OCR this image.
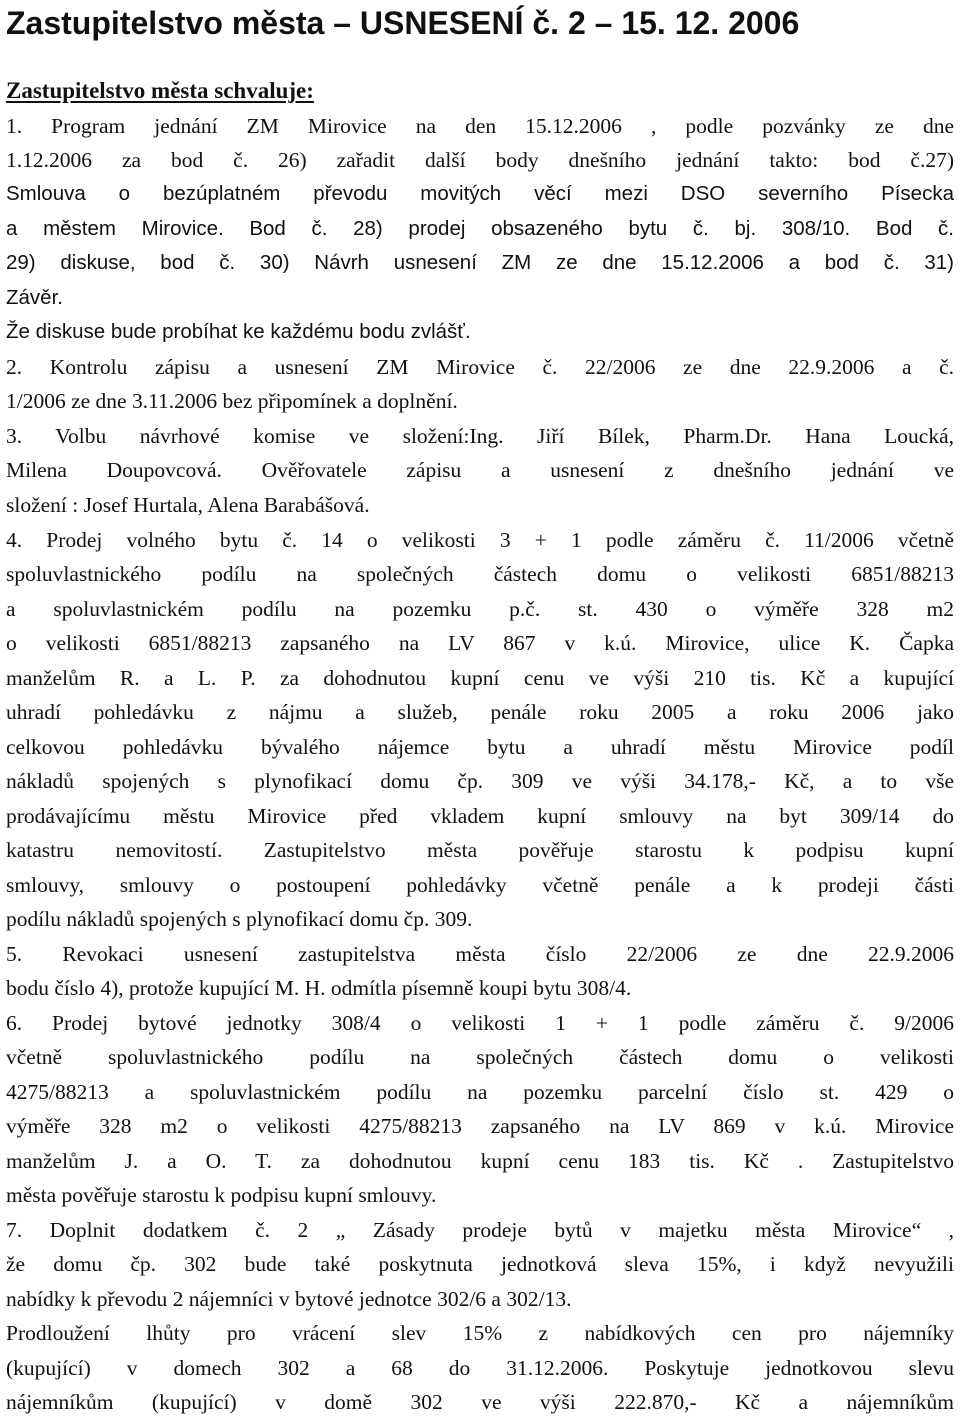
Zastupitelstvo města – USNESENÍ č. 2 – 15. 12. 2006
Zastupitelstvo města schvaluje:
1. Program jednání ZM Mirovice na den 15.12.2006 , podle pozvánky ze dne
1.12.2006 za bod č. 26) zařadit další body dnešního jednání takto: bod č.27)
Smlouva o bezúplatném převodu movitých věcí mezi DSO severního Písecka
a městem Mirovice. Bod č. 28) prodej obsazeného bytu č. bj. 308/10. Bod č.
29) diskuse, bod č. 30) Návrh usnesení ZM ze dne 15.12.2006 a bod č. 31)
Závěr.
Že diskuse bude probíhat ke každému bodu zvlášť.
2. Kontrolu zápisu a usnesení ZM Mirovice č. 22/2006 ze dne 22.9.2006 a č.
1/2006 ze dne 3.11.2006 bez připomínek a doplnění.
3. Volbu návrhové komise ve složení:Ing. Jiří Bílek, Pharm.Dr. Hana Loucká,
Milena Doupovcová. Ověřovatele zápisu a usnesení z dnešního jednání ve
složení : Josef Hurtala, Alena Barabášová.
4. Prodej volného bytu č. 14 o velikosti 3 + 1 podle záměru č. 11/2006 včetně
spoluvlastnického podílu na společných částech domu o velikosti 6851/88213
a spoluvlastnickém podílu na pozemku p.č. st. 430 o výměře 328 m2
o velikosti 6851/88213 zapsaného na LV 867 v k.ú. Mirovice, ulice K. Čapka
manželům R. a L. P. za dohodnutou kupní cenu ve výši 210 tis. Kč a kupující
uhradí pohledávku z nájmu a služeb, penále roku 2005 a roku 2006 jako
celkovou pohledávku bývalého nájemce bytu a uhradí městu Mirovice podíl
nákladů spojených s plynofikací domu čp. 309 ve výši 34.178,- Kč, a to vše
prodávajícímu městu Mirovice před vkladem kupní smlouvy na byt 309/14 do
katastru nemovitostí. Zastupitelstvo města pověřuje starostu k podpisu kupní
smlouvy, smlouvy o postoupení pohledávky včetně penále a k prodeji části
podílu nákladů spojených s plynofikací domu čp. 309.
5. Revokaci usnesení zastupitelstva města číslo 22/2006 ze dne 22.9.2006
bodu číslo 4), protože kupující M. H. odmítla písemně koupi bytu 308/4.
6. Prodej bytové jednotky 308/4 o velikosti 1 + 1 podle záměru č. 9/2006
včetně spoluvlastnického podílu na společných částech domu o velikosti
4275/88213 a spoluvlastnickém podílu na pozemku parcelní číslo st. 429 o
výměře 328 m2 o velikosti 4275/88213 zapsaného na LV 869 v k.ú. Mirovice
manželům J. a O. T. za dohodnutou kupní cenu 183 tis. Kč . Zastupitelstvo
města pověřuje starostu k podpisu kupní smlouvy.
7. Doplnit dodatkem č. 2 „ Zásady prodeje bytů v majetku města Mirovice“ ,
že domu čp. 302 bude také poskytnuta jednotková sleva 15%, i když nevyužili
nabídky k převodu 2 nájemníci v bytové jednotce 302/6 a 302/13.
Prodloužení lhůty pro vrácení slev 15% z nabídkových cen pro nájemníky
(kupující) v domech 302 a 68 do 31.12.2006. Poskytuje jednotkovou slevu
nájemníkům (kupující) v domě 302 ve výši 222.870,- Kč a nájemníkům
